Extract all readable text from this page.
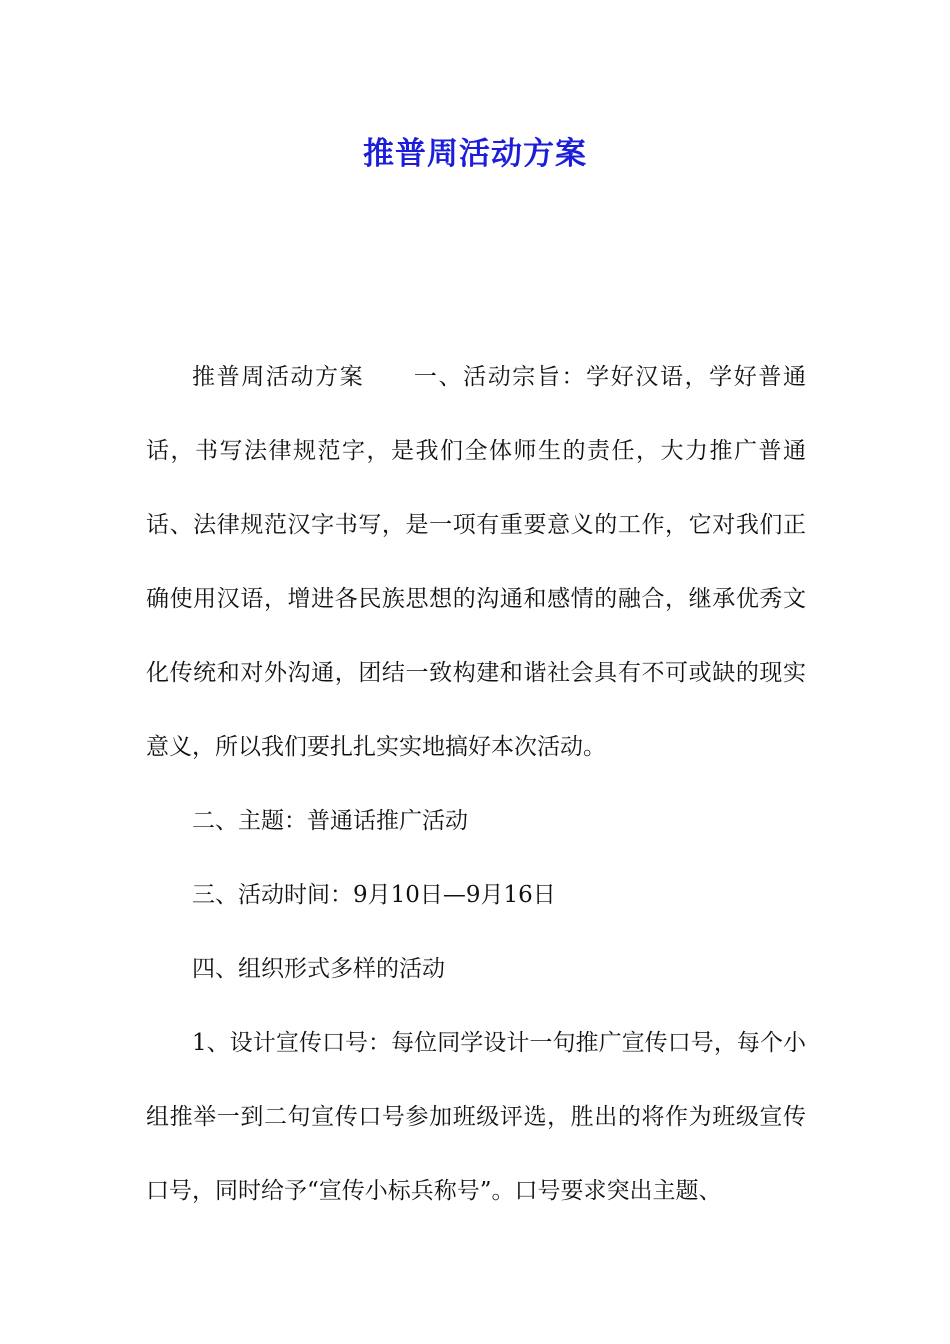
推普周活动方案

推普周活动方案 一、活动宗旨：学好汉语，学好普通话，书写法律规范字，是我们全体师生的责任，大力推广普通话、法律规范汉字书写，是一项有重要意义的工作，它对我们正确使用汉语，增进各民族思想的沟通和感情的融合，继承优秀文化传统和对外沟通，团结一致构建和谐社会具有不可或缺的现实意义，所以我们要扎扎实实地搞好本次活动。

二、主题：普通话推广活动

三、活动时间：9月10日—9月16日

四、组织形式多样的活动

1、设计宣传口号：每位同学设计一句推广宣传口号，每个小组推举一到二句宣传口号参加班级评选，胜出的将作为班级宣传口号，同时给予“宣传小标兵称号”。口号要求突出主题、
